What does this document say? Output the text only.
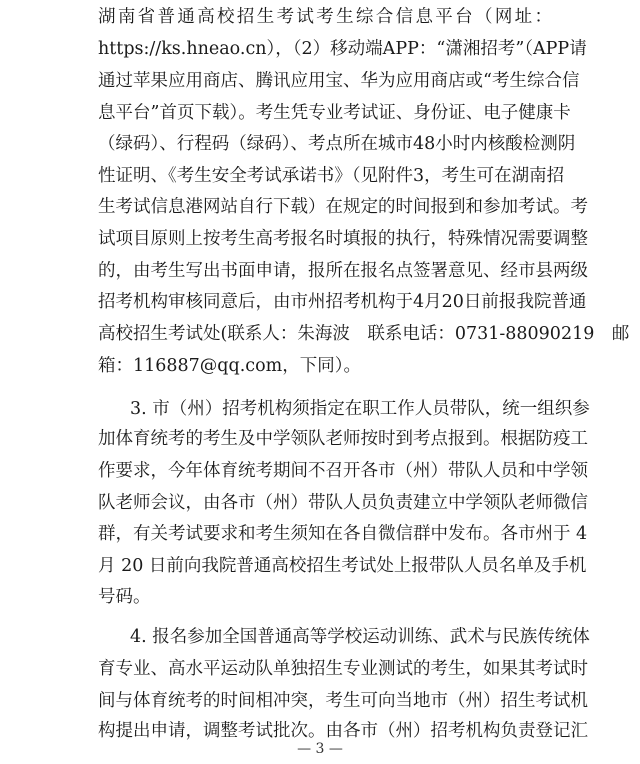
湖南省普通高校招生考试考生综合信息平台（网址：
https://ks.hneao.cn），（2）移动端APP：“潇湘招考”（APP请
通过苹果应用商店、腾讯应用宝、华为应用商店或“考生综合信
息平台”首页下载）。考生凭专业考试证、身份证、电子健康卡
（绿码）、行程码（绿码）、考点所在城市48小时内核酸检测阴
性证明、《考生安全考试承诺书》（见附件3，考生可在湖南招
生考试信息港网站自行下载）在规定的时间报到和参加考试。考
试项目原则上按考生高考报名时填报的执行，特殊情况需要调整
的，由考生写出书面申请，报所在报名点签署意见、经市县两级
招考机构审核同意后，由市州招考机构于4月20日前报我院普通
高校招生考试处(联系人：朱海波　联系电话：0731-88090219　邮
箱：116887@qq.com，下同）。
3. 市（州）招考机构须指定在职工作人员带队，统一组织参
加体育统考的考生及中学领队老师按时到考点报到。根据防疫工
作要求，今年体育统考期间不召开各市（州）带队人员和中学领
队老师会议，由各市（州）带队人员负责建立中学领队老师微信
群，有关考试要求和考生须知在各自微信群中发布。各市州于 4
月 20 日前向我院普通高校招生考试处上报带队人员名单及手机
号码。
4. 报名参加全国普通高等学校运动训练、武术与民族传统体
育专业、高水平运动队单独招生专业测试的考生，如果其考试时
间与体育统考的时间相冲突，考生可向当地市（州）招生考试机
构提出申请，调整考试批次。由各市（州）招考机构负责登记汇
— 3 —
